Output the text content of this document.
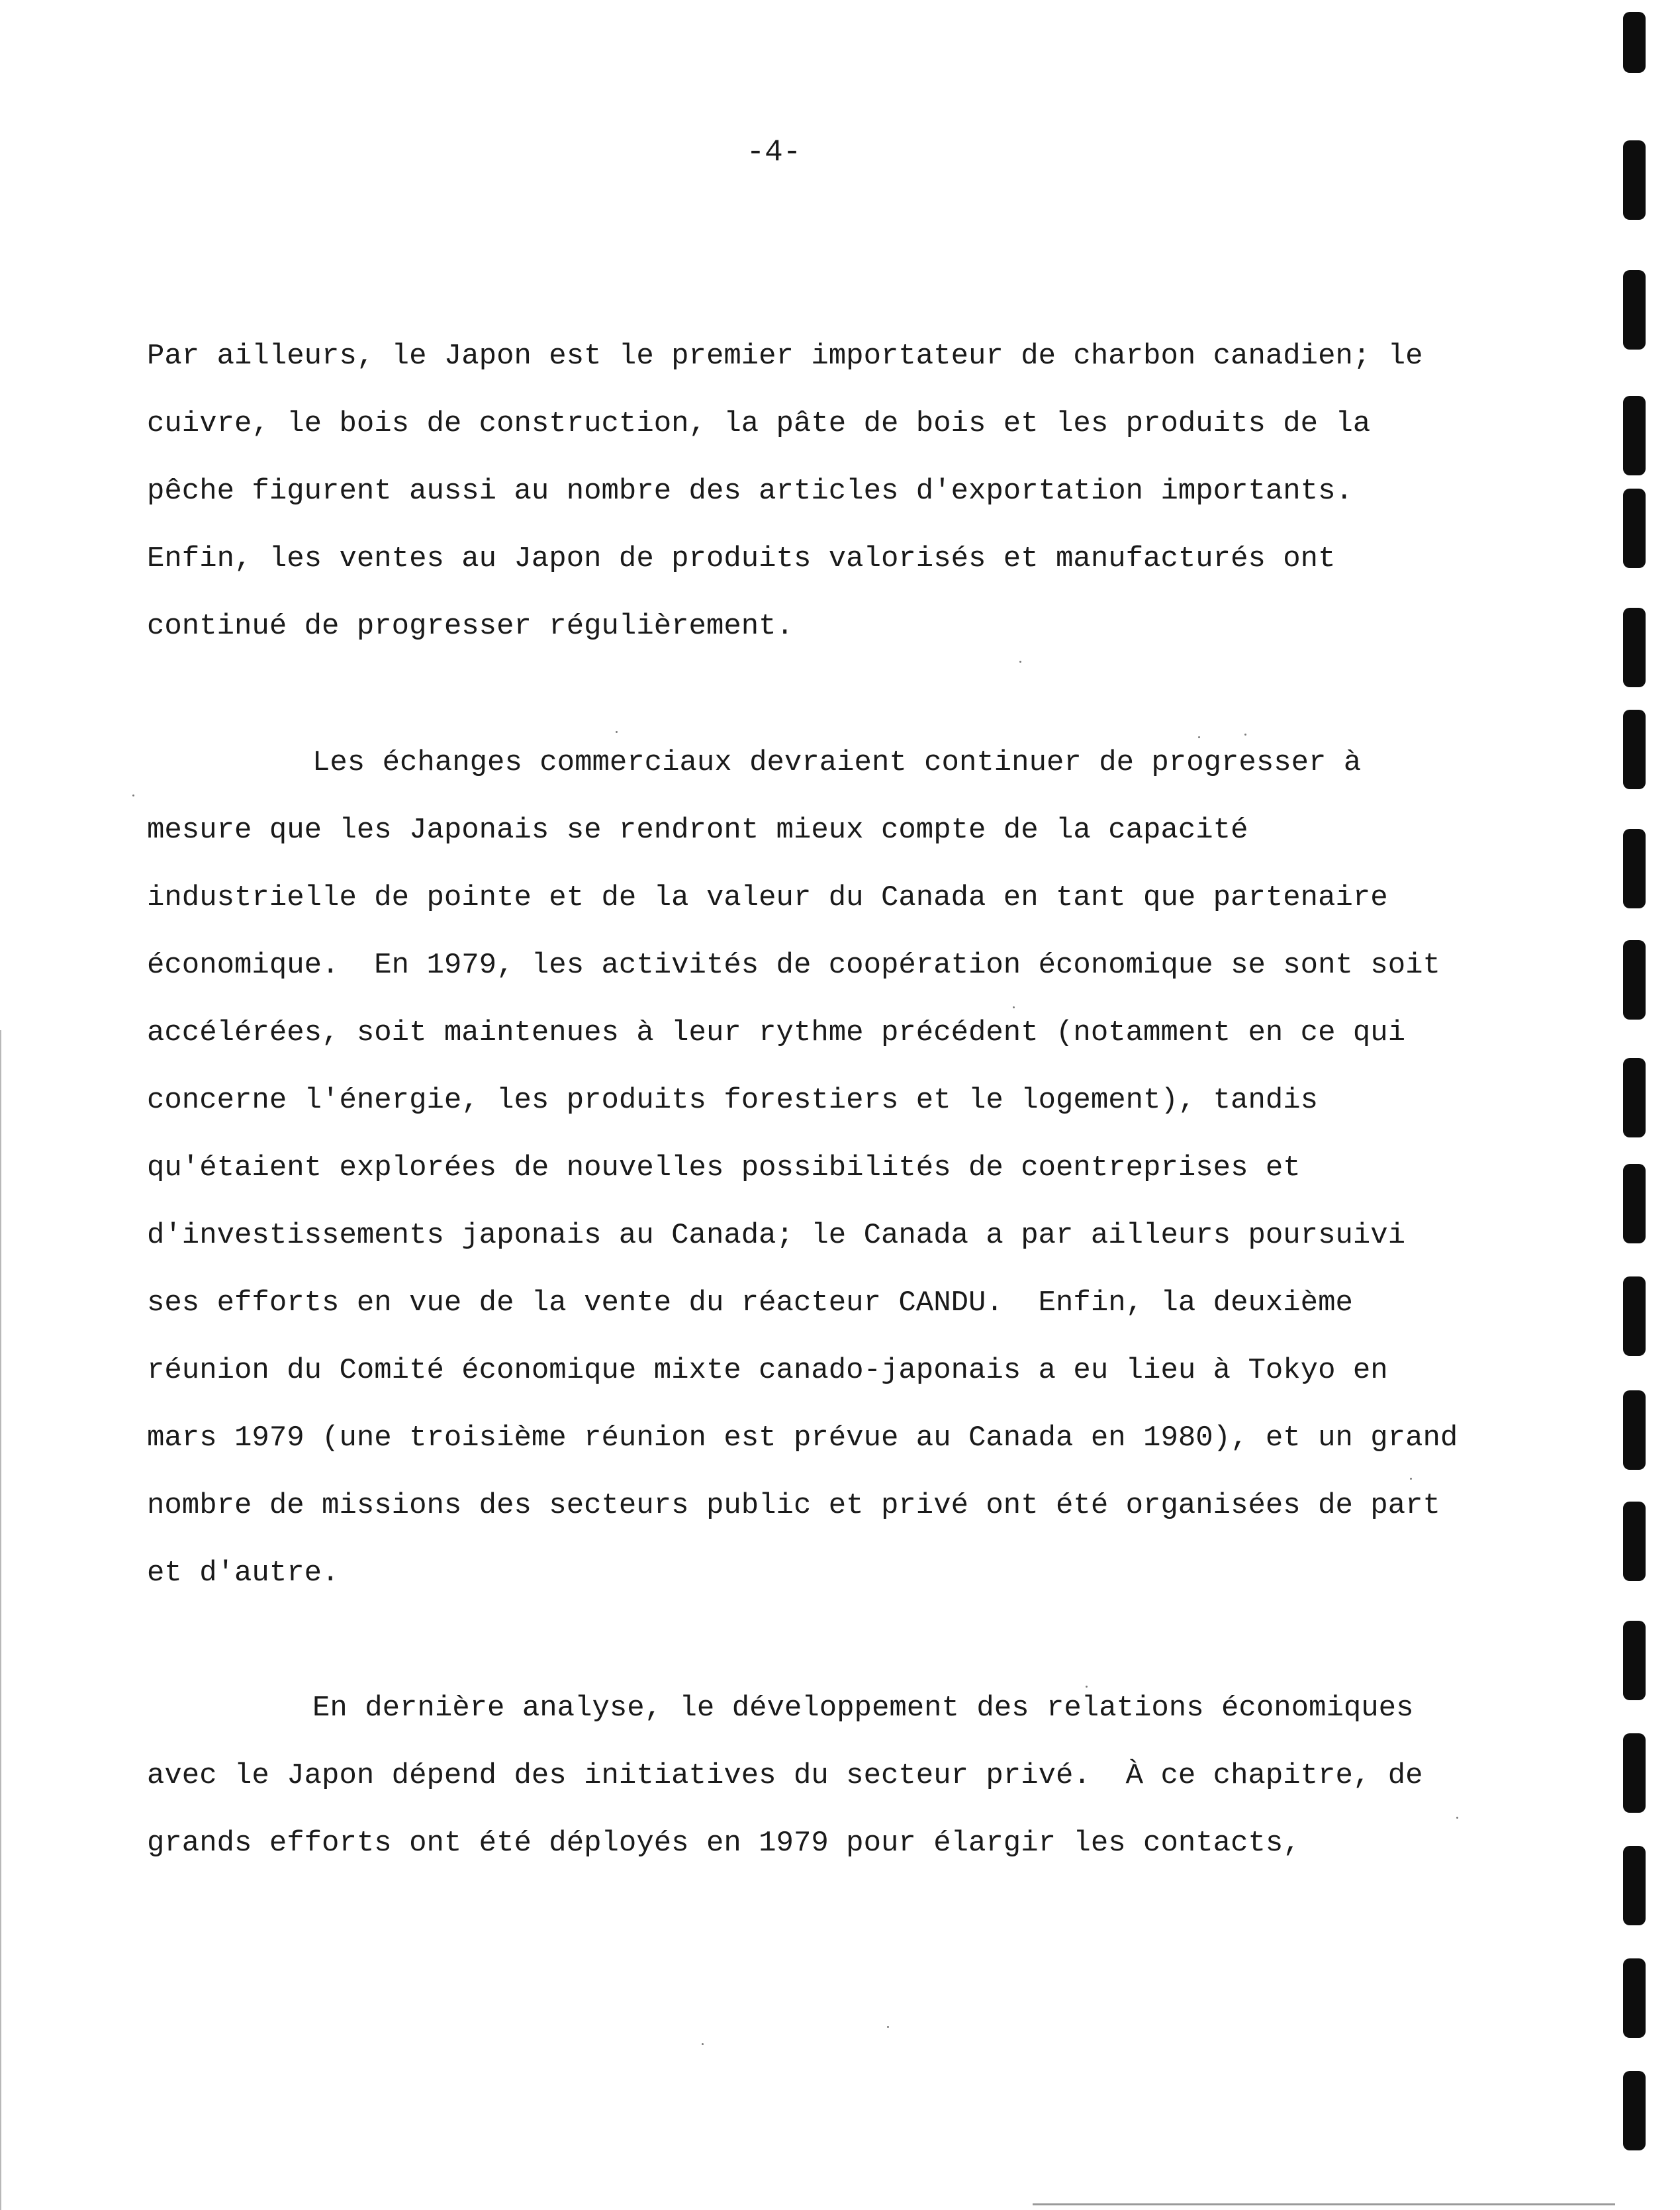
-4-
Par ailleurs, le Japon est le premier importateur de charbon canadien; le
cuivre, le bois de construction, la pâte de bois et les produits de la
pêche figurent aussi au nombre des articles d'exportation importants.
Enfin, les ventes au Japon de produits valorisés et manufacturés ont
continué de progresser régulièrement.
Les échanges commerciaux devraient continuer de progresser à
mesure que les Japonais se rendront mieux compte de la capacité
industrielle de pointe et de la valeur du Canada en tant que partenaire
économique.  En 1979, les activités de coopération économique se sont soit
accélérées, soit maintenues à leur rythme précédent (notamment en ce qui
concerne l'énergie, les produits forestiers et le logement), tandis
qu'étaient explorées de nouvelles possibilités de coentreprises et
d'investissements japonais au Canada; le Canada a par ailleurs poursuivi
ses efforts en vue de la vente du réacteur CANDU.  Enfin, la deuxième
réunion du Comité économique mixte canado-japonais a eu lieu à Tokyo en
mars 1979 (une troisième réunion est prévue au Canada en 1980), et un grand
nombre de missions des secteurs public et privé ont été organisées de part
et d'autre.
En dernière analyse, le développement des relations économiques
avec le Japon dépend des initiatives du secteur privé.  À ce chapitre, de
grands efforts ont été déployés en 1979 pour élargir les contacts,
